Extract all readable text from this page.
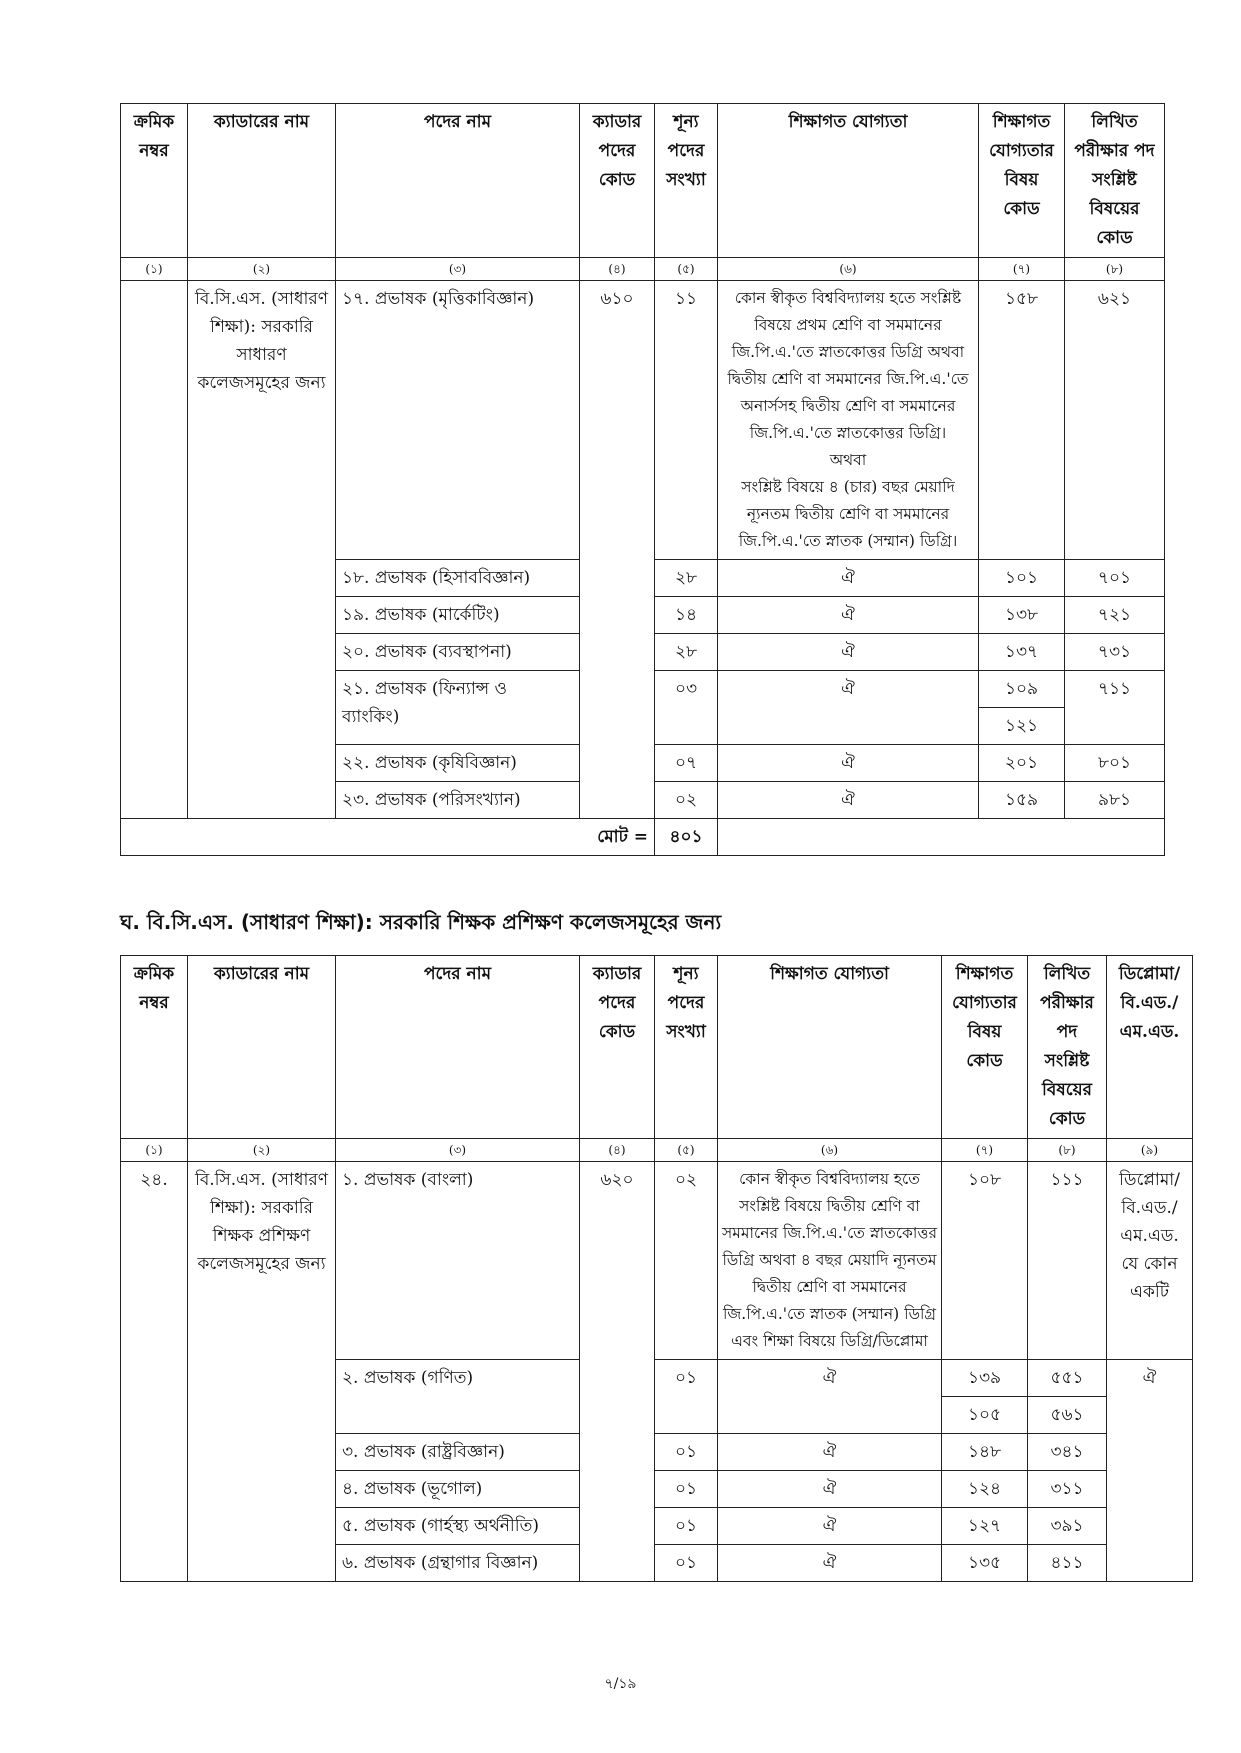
ক্রমিক নম্বর	ক্যাডারের নাম	পদের নাম	ক্যাডার পদের কোড	শূন্য পদের সংখ্যা	শিক্ষাগত যোগ্যতা	শিক্ষাগত যোগ্যতার বিষয় কোড	লিখিত পরীক্ষার পদ সংশ্লিষ্ট বিষয়ের কোড
(১)	(২)	(৩)	(৪)	(৫)	(৬)	(৭)	(৮)
	বি.সি.এস. (সাধারণ শিক্ষা): সরকারি সাধারণ কলেজসমূহের জন্য	১৭. প্রভাষক (মৃত্তিকাবিজ্ঞান)	৬১০	১১	কোন স্বীকৃত বিশ্ববিদ্যালয় হতে সংশ্লিষ্ট বিষয়ে প্রথম শ্রেণি বা সমমানের জি.পি.এ.'তে স্নাতকোত্তর ডিগ্রি অথবা দ্বিতীয় শ্রেণি বা সমমানের জি.পি.এ.'তে অনার্সসহ দ্বিতীয় শ্রেণি বা সমমানের জি.পি.এ.'তে স্নাতকোত্তর ডিগ্রি।
অথবা
সংশ্লিষ্ট বিষয়ে ৪ (চার) বছর মেয়াদি ন্যূনতম দ্বিতীয় শ্রেণি বা সমমানের জি.পি.এ.'তে স্নাতক (সম্মান) ডিগ্রি।	১৫৮	৬২১
		১৮. প্রভাষক (হিসাববিজ্ঞান)		২৮	ঐ	১০১	৭০১
		১৯. প্রভাষক (মার্কেটিং)		১৪	ঐ	১৩৮	৭২১
		২০. প্রভাষক (ব্যবস্থাপনা)		২৮	ঐ	১৩৭	৭৩১
		২১. প্রভাষক (ফিন্যান্স ও ব্যাংকিং)		০৩	ঐ	১০৯	৭১১
						১২১	
		২২. প্রভাষক (কৃষিবিজ্ঞান)		০৭	ঐ	২০১	৮০১
		২৩. প্রভাষক (পরিসংখ্যান)		০২	ঐ	১৫৯	৯৮১
মোট =				৪০১			
ঘ. বি.সি.এস. (সাধারণ শিক্ষা): সরকারি শিক্ষক প্রশিক্ষণ কলেজসমূহের জন্য
ক্রমিক নম্বর	ক্যাডারের নাম	পদের নাম	ক্যাডার পদের কোড	শূন্য পদের সংখ্যা	শিক্ষাগত যোগ্যতা	শিক্ষাগত যোগ্যতার বিষয় কোড	লিখিত পরীক্ষার পদ সংশ্লিষ্ট বিষয়ের কোড	ডিপ্লোমা/ বি.এড./ এম.এড.
(১)	(২)	(৩)	(৪)	(৫)	(৬)	(৭)	(৮)	(৯)
২৪.	বি.সি.এস. (সাধারণ শিক্ষা): সরকারি শিক্ষক প্রশিক্ষণ কলেজসমূহের জন্য	১. প্রভাষক (বাংলা)	৬২০	০২	কোন স্বীকৃত বিশ্ববিদ্যালয় হতে সংশ্লিষ্ট বিষয়ে দ্বিতীয় শ্রেণি বা সমমানের জি.পি.এ.'তে স্নাতকোত্তর ডিগ্রি অথবা ৪ বছর মেয়াদি ন্যূনতম দ্বিতীয় শ্রেণি বা সমমানের জি.পি.এ.'তে স্নাতক (সম্মান) ডিগ্রি এবং শিক্ষা বিষয়ে ডিগ্রি/ডিপ্লোমা	১০৮	১১১	ডিপ্লোমা/ বি.এড./ এম.এড. যে কোন একটি
		২. প্রভাষক (গণিত)		০১	ঐ	১৩৯	৫৫১	ঐ
						১০৫	৫৬১	
		৩. প্রভাষক (রাষ্ট্রবিজ্ঞান)		০১	ঐ	১৪৮	৩৪১	
		৪. প্রভাষক (ভূগোল)		০১	ঐ	১২৪	৩১১	
		৫. প্রভাষক (গার্হস্থ্য অর্থনীতি)		০১	ঐ	১২৭	৩৯১	
		৬. প্রভাষক (গ্রন্থাগার বিজ্ঞান)		০১	ঐ	১৩৫	৪১১	
৭/১৯
